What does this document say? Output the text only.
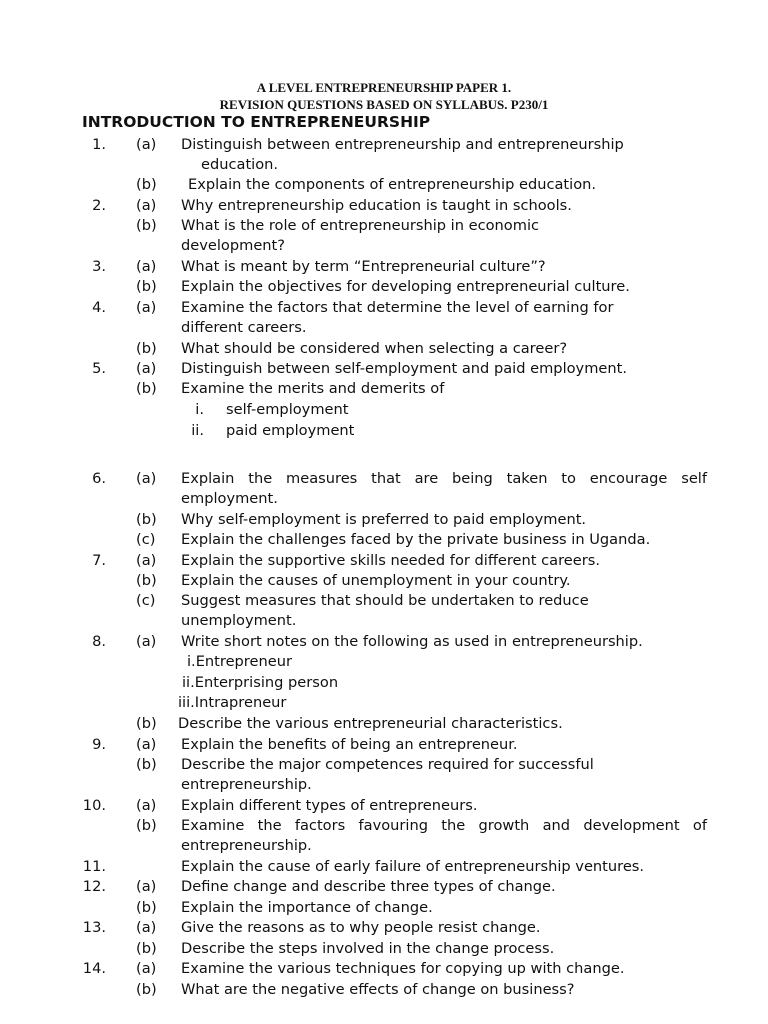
A LEVEL ENTREPRENEURSHIP PAPER 1.
REVISION QUESTIONS BASED ON SYLLABUS. P230/1
INTRODUCTION TO ENTREPRENEURSHIP
1. (a) Distinguish between entrepreneurship and entrepreneurship
education.
(b) Explain the components of entrepreneurship education.
2. (a) Why entrepreneurship education is taught in schools.
(b) What is the role of entrepreneurship in economic
development?
3. (a) What is meant by term “Entrepreneurial culture”?
(b) Explain the objectives for developing entrepreneurial culture.
4. (a) Examine the factors that determine the level of earning for
different careers.
(b) What should be considered when selecting a career?
5. (a) Distinguish between self-employment and paid employment.
(b) Examine the merits and demerits of
i. self-employment
ii. paid employment
6. (a) Explain the measures that are being taken to encourage self
employment.
(b) Why self-employment is preferred to paid employment.
(c) Explain the challenges faced by the private business in Uganda.
7. (a) Explain the supportive skills needed for different careers.
(b) Explain the causes of unemployment in your country.
(c) Suggest measures that should be undertaken to reduce
unemployment.
8. (a) Write short notes on the following as used in entrepreneurship.
i.Entrepreneur
ii.Enterprising person
iii.Intrapreneur
(b) Describe the various entrepreneurial characteristics.
9. (a) Explain the benefits of being an entrepreneur.
(b) Describe the major competences required for successful
entrepreneurship.
10. (a) Explain different types of entrepreneurs.
(b) Examine the factors favouring the growth and development of
entrepreneurship.
11.	Explain the cause of early failure of entrepreneurship ventures.
12. (a) Define change and describe three types of change.
(b) Explain the importance of change.
13. (a) Give the reasons as to why people resist change.
(b) Describe the steps involved in the change process.
14. (a) Examine the various techniques for copying up with change.
(b) What are the negative effects of change on business?
